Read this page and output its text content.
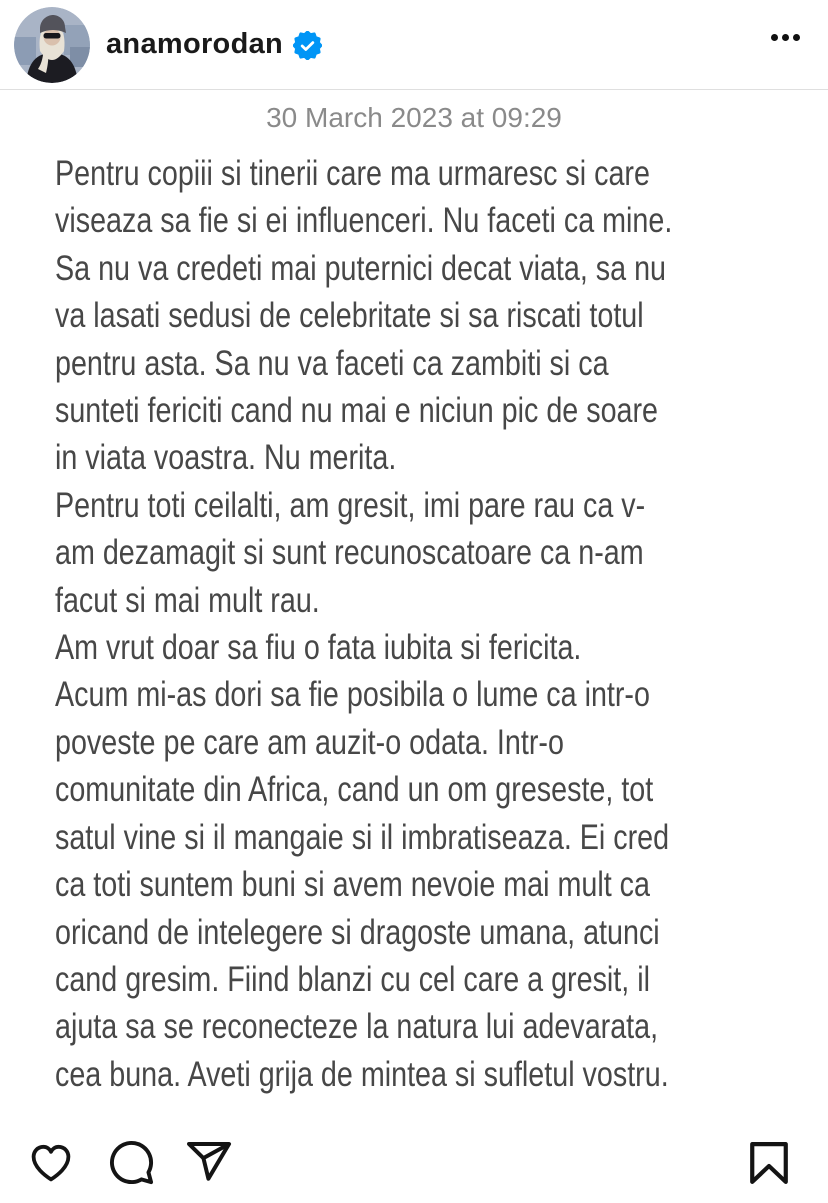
anamorodan
30 March 2023 at 09:29
Pentru copiii si tinerii care ma urmaresc si care
viseaza sa fie si ei influenceri. Nu faceti ca mine.
Sa nu va credeti mai puternici decat viata, sa nu
va lasati sedusi de celebritate si sa riscati totul
pentru asta. Sa nu va faceti ca zambiti si ca
sunteti fericiti cand nu mai e niciun pic de soare
in viata voastra. Nu merita.
Pentru toti ceilalti, am gresit, imi pare rau ca v-
am dezamagit si sunt recunoscatoare ca n-am
facut si mai mult rau.
Am vrut doar sa fiu o fata iubita si fericita.
Acum mi-as dori sa fie posibila o lume ca intr-o
poveste pe care am auzit-o odata. Intr-o
comunitate din Africa, cand un om greseste, tot
satul vine si il mangaie si il imbratiseaza. Ei cred
ca toti suntem buni si avem nevoie mai mult ca
oricand de intelegere si dragoste umana, atunci
cand gresim. Fiind blanzi cu cel care a gresit, il
ajuta sa se reconecteze la natura lui adevarata,
cea buna. Aveti grija de mintea si sufletul vostru.
